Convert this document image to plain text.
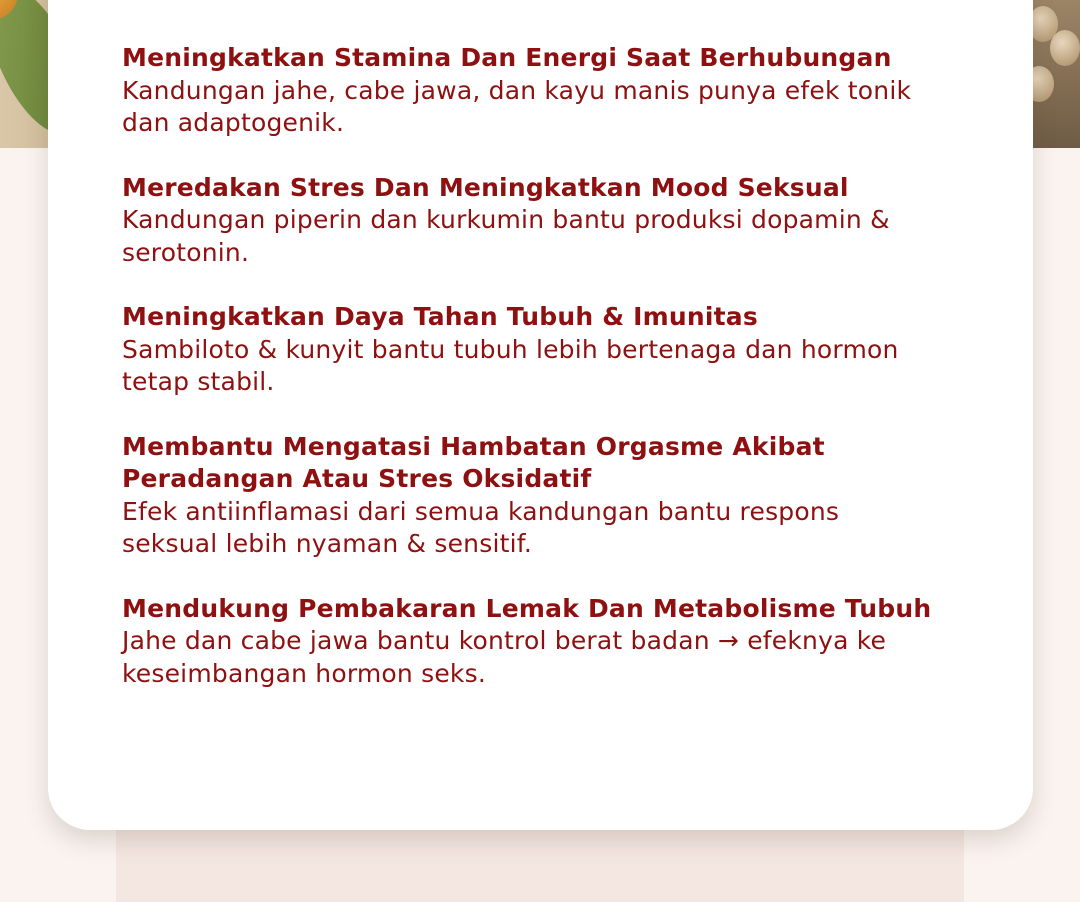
Meningkatkan Stamina Dan Energi Saat Berhubungan
Kandungan jahe, cabe jawa, dan kayu manis punya efek tonik dan adaptogenik.
Meredakan Stres Dan Meningkatkan Mood Seksual
Kandungan piperin dan kurkumin bantu produksi dopamin & serotonin.
Meningkatkan Daya Tahan Tubuh & Imunitas
Sambiloto & kunyit bantu tubuh lebih bertenaga dan hormon tetap stabil.
Membantu Mengatasi Hambatan Orgasme Akibat Peradangan Atau Stres Oksidatif
Efek antiinflamasi dari semua kandungan bantu respons seksual lebih nyaman & sensitif.
Mendukung Pembakaran Lemak Dan Metabolisme Tubuh
Jahe dan cabe jawa bantu kontrol berat badan → efeknya ke keseimbangan hormon seks.
